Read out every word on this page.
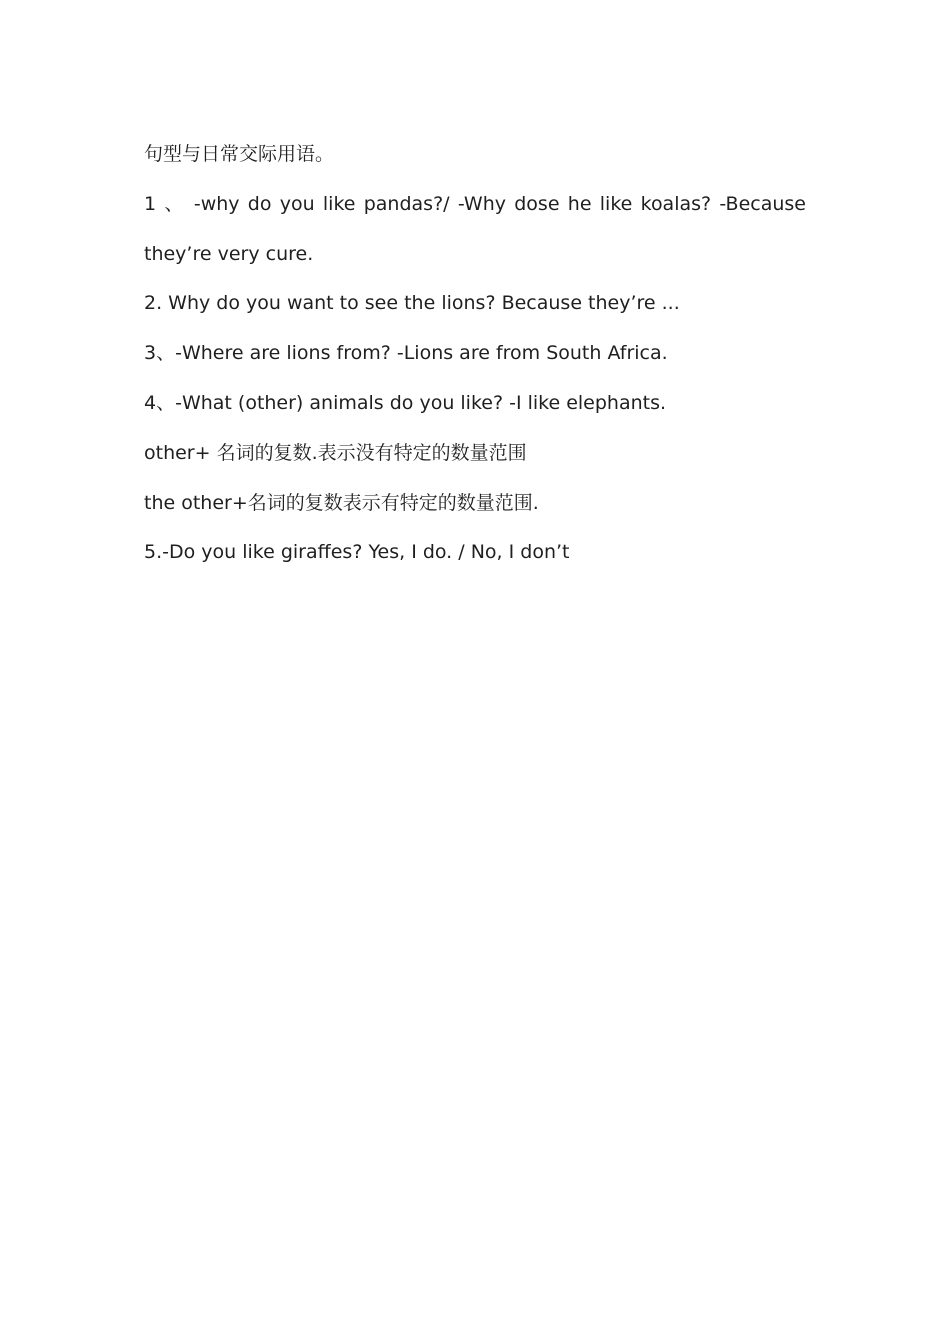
句型与日常交际用语。
1 、 -why do you like pandas?/ -Why dose he like koalas? -Because
they’re very cure.
2. Why do you want to see the lions? Because they’re ...
3、-Where are lions from? -Lions are from South Africa.
4、-What (other) animals do you like? -I like elephants.
other+ 名词的复数.表示没有特定的数量范围
the other+名词的复数表示有特定的数量范围.
5.-Do you like giraffes? Yes, I do. / No, I don’t
